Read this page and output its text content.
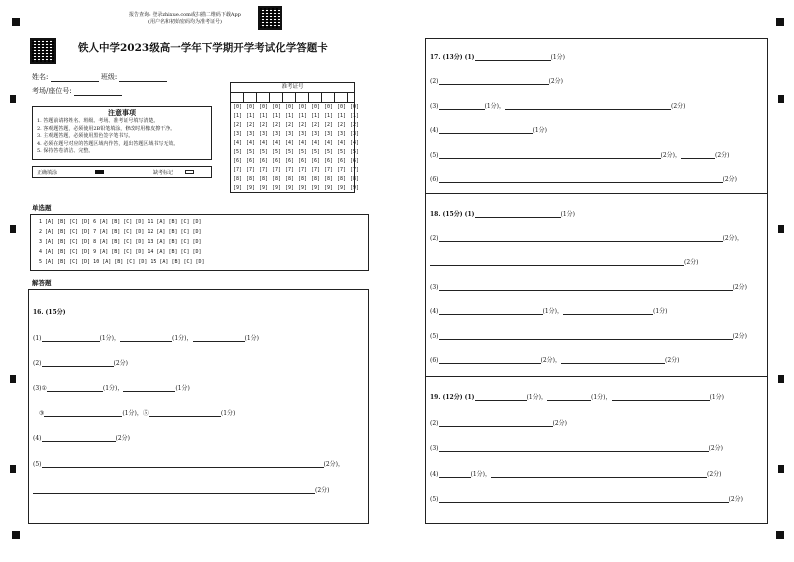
报告查询: 登录zhixue.com或扫描二维码下载App
(用户名和初始密码均为准考证号)
铁人中学2023级高一学年下学期开学考试化学答题卡
姓名:	班级:
考场/座位号:
注意事项
1. 答题前请将姓名、班级、考场、准考证号填写清楚。
2. 客观题答题，必须使用2B铅笔填涂，修改时用橡皮擦干净。
3. 主观题答题，必须使用黑色签字笔书写。
4. 必须在题号对应的答题区域内作答，超出答题区域书写无效。
5. 保持答卷清洁、完整。
正确填涂	缺考标记
准考证号
[0] [0] [0] [0] [0] [0] [0] [0] [0] [0]
[1] [1] [1] [1] [1] [1] [1] [1] [1] [1]
[2] [2] [2] [2] [2] [2] [2] [2] [2] [2]
[3] [3] [3] [3] [3] [3] [3] [3] [3] [3]
[4] [4] [4] [4] [4] [4] [4] [4] [4] [4]
[5] [5] [5] [5] [5] [5] [5] [5] [5] [5]
[6] [6] [6] [6] [6] [6] [6] [6] [6] [6]
[7] [7] [7] [7] [7] [7] [7] [7] [7] [7]
[8] [8] [8] [8] [8] [8] [8] [8] [8] [8]
[9] [9] [9] [9] [9] [9] [9] [9] [9] [9]
单选题
1 [A] [B] [C] [D] 6 [A] [B] [C] [D] 11 [A] [B] [C] [D]
2 [A] [B] [C] [D] 7 [A] [B] [C] [D] 12 [A] [B] [C] [D]
3 [A] [B] [C] [D] 8 [A] [B] [C] [D] 13 [A] [B] [C] [D]
4 [A] [B] [C] [D] 9 [A] [B] [C] [D] 14 [A] [B] [C] [D]
5 [A] [B] [C] [D] 10 [A] [B] [C] [D] 15 [A] [B] [C] [D]
解答题
16. (15分)
(1)	(1分)，	(1分)，	(1分)
(2)	(2分)
(3)①	(1分)，	(1分)
③	(1分)，⑤	(1分)
(4)	(2分)
(5)	(2分)，
(2分)
17. (13分) (1)	(1分)
(2)	(2分)
(3)	(1分)，	(2分)
(4)	(1分)
(5)	(2分)，	(2分)
(6)	(2分)
18. (15分) (1)	(1分)
(2)	(2分)，
(2分)
(3)	(2分)
(4)	(1分)，	(1分)
(5)	(2分)
(6)	(2分)，	(2分)
19. (12分) (1)	(1分)，	(1分)，	(1分)
(2)	(2分)
(3)	(2分)
(4)	(1分)，	(2分)
(5)	(2分)
